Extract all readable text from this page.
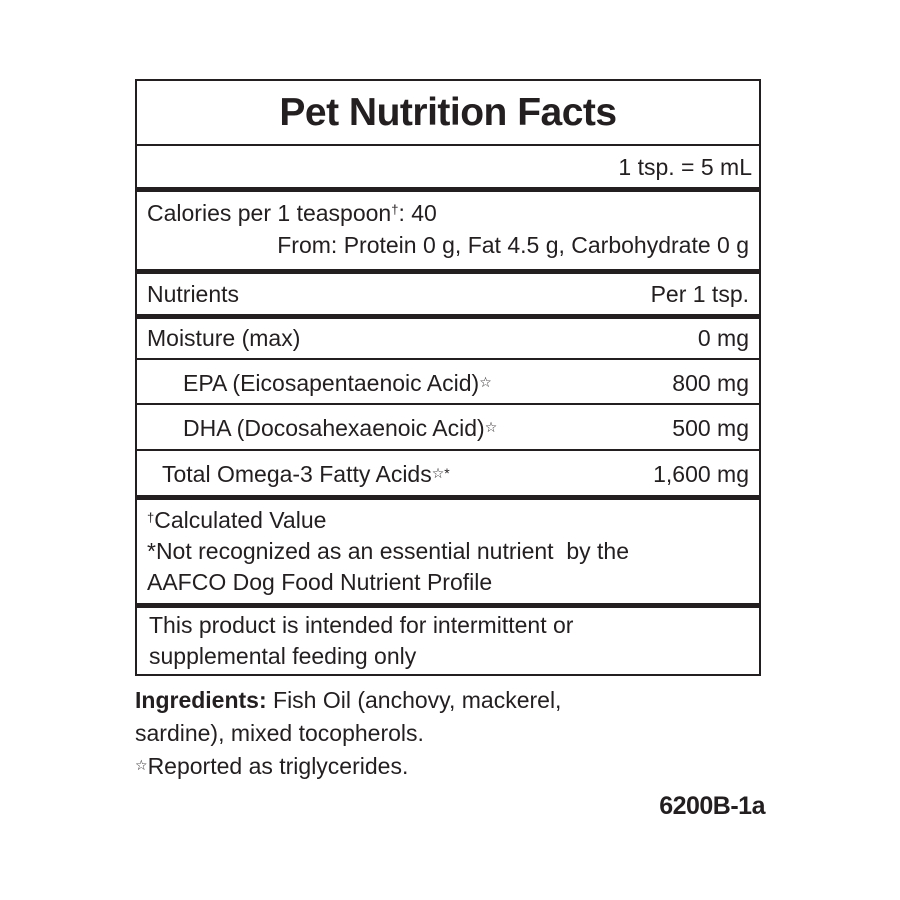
Pet Nutrition Facts
1 tsp. = 5 mL
Calories per 1 teaspoon†: 40
From: Protein 0 g, Fat 4.5 g, Carbohydrate 0 g
Nutrients	Per 1 tsp.
Moisture (max)	0 mg
EPA (Eicosapentaenoic Acid)☆	800 mg
DHA (Docosahexaenoic Acid)☆	500 mg
Total Omega-3 Fatty Acids☆*	1,600 mg
†Calculated Value
*Not recognized as an essential nutrient  by the
AAFCO Dog Food Nutrient Profile
This product is intended for intermittent or
supplemental feeding only
Ingredients: Fish Oil (anchovy, mackerel,
sardine), mixed tocopherols.
☆Reported as triglycerides.
6200B-1a
